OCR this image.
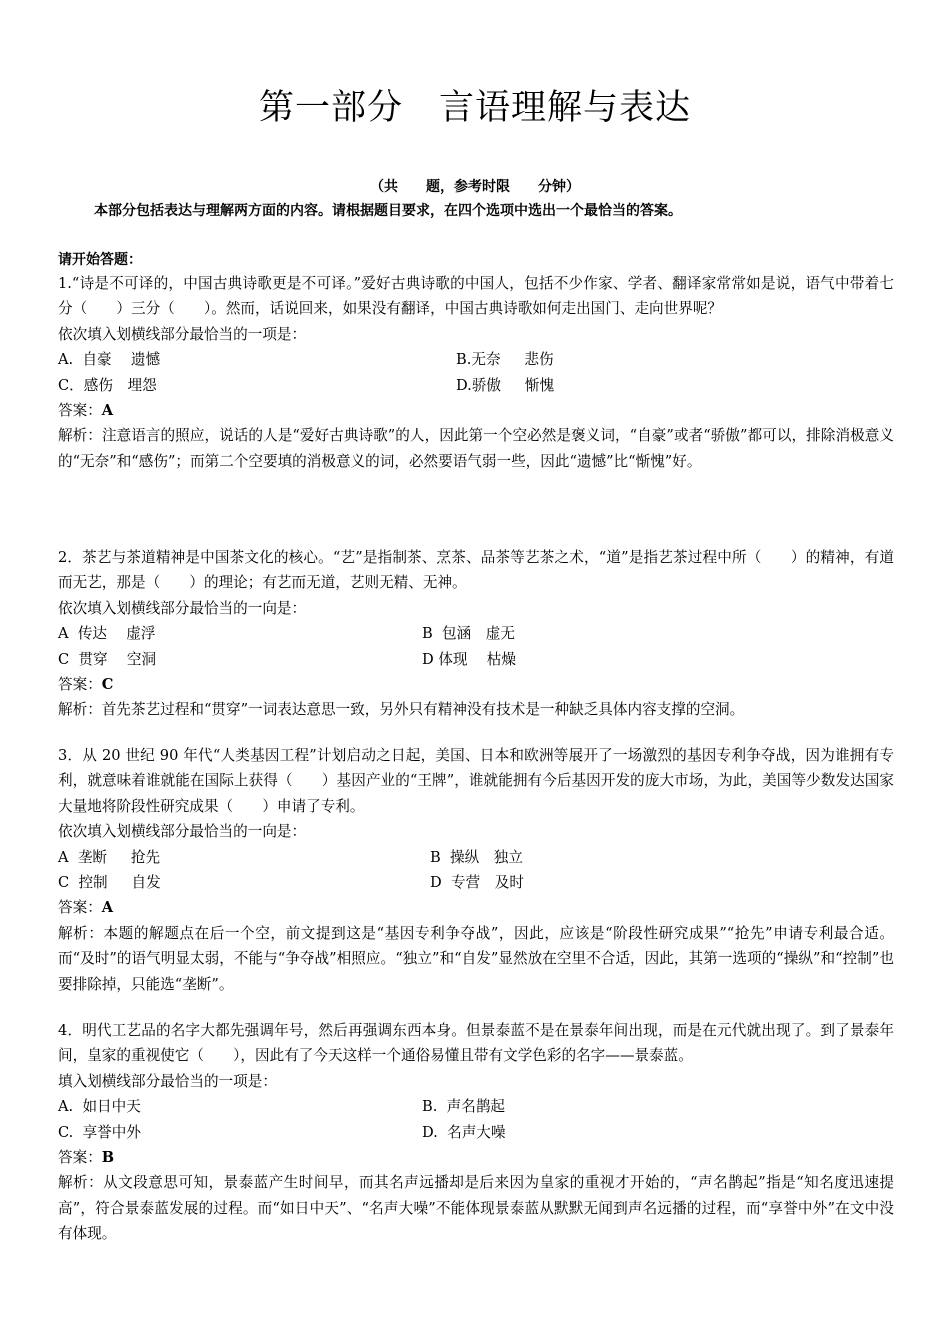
第一部分　言语理解与表达
（共　　题，参考时限　　分钟）
本部分包括表达与理解两方面的内容。请根据题目要求，在四个选项中选出一个最恰当的答案。
请开始答题：
1.“诗是不可译的，中国古典诗歌更是不可译。”爱好古典诗歌的中国人，包括不少作家、学者、翻译家常常如是说，语气中带着七分（　　）三分（　　）。然而，话说回来，如果没有翻译，中国古典诗歌如何走出国门、走向世界呢？
依次填入划横线部分最恰当的一项是：
A.  自豪　 遗憾	B.无奈　  悲伤
C．感伤　埋怨	D.骄傲　  惭愧
答案：A
解析：注意语言的照应，说话的人是“爱好古典诗歌”的人，因此第一个空必然是褒义词，“自豪”或者“骄傲”都可以，排除消极意义的“无奈”和“感伤”；而第二个空要填的消极意义的词，必然要语气弱一些，因此“遗憾”比“惭愧”好。
2．茶艺与茶道精神是中国茶文化的核心。“艺”是指制茶、烹茶、品茶等艺茶之术，“道”是指艺茶过程中所（　　）的精神，有道而无艺，那是（　　）的理论；有艺而无道，艺则无精、无神。
依次填入划横线部分最恰当的一向是：
A  传达　 虚浮	B  包涵　虚无
C  贯穿　 空洞	D 体现　 枯燥
答案：C
解析：首先茶艺过程和“贯穿”一词表达意思一致，另外只有精神没有技术是一种缺乏具体内容支撑的空洞。
3．从 20 世纪 90 年代“人类基因工程”计划启动之日起，美国、日本和欧洲等展开了一场激烈的基因专利争夺战，因为谁拥有专利，就意味着谁就能在国际上获得（　　）基因产业的“王牌”，谁就能拥有今后基因开发的庞大市场，为此，美国等少数发达国家大量地将阶段性研究成果（　　）申请了专利。
依次填入划横线部分最恰当的一向是：
A  垄断　  抢先	B  操纵　独立
C  控制　  自发	D  专营　及时
答案：A
解析：本题的解题点在后一个空，前文提到这是“基因专利争夺战”，因此，应该是“阶段性研究成果”“抢先”申请专利最合适。而“及时”的语气明显太弱，不能与“争夺战”相照应。“独立”和“自发”显然放在空里不合适，因此，其第一选项的“操纵”和“控制”也要排除掉，只能选“垄断”。
4．明代工艺品的名字大都先强调年号，然后再强调东西本身。但景泰蓝不是在景泰年间出现，而是在元代就出现了。到了景泰年间，皇家的重视使它（　　），因此有了今天这样一个通俗易懂且带有文学色彩的名字——景泰蓝。
填入划横线部分最恰当的一项是：
A.  如日中天	B.  声名鹊起
C.  享誉中外	D.  名声大噪
答案：B
解析：从文段意思可知，景泰蓝产生时间早，而其名声远播却是后来因为皇家的重视才开始的，“声名鹊起”指是“知名度迅速提高”，符合景泰蓝发展的过程。而“如日中天”、“名声大噪”不能体现景泰蓝从默默无闻到声名远播的过程，而“享誉中外”在文中没有体现。
